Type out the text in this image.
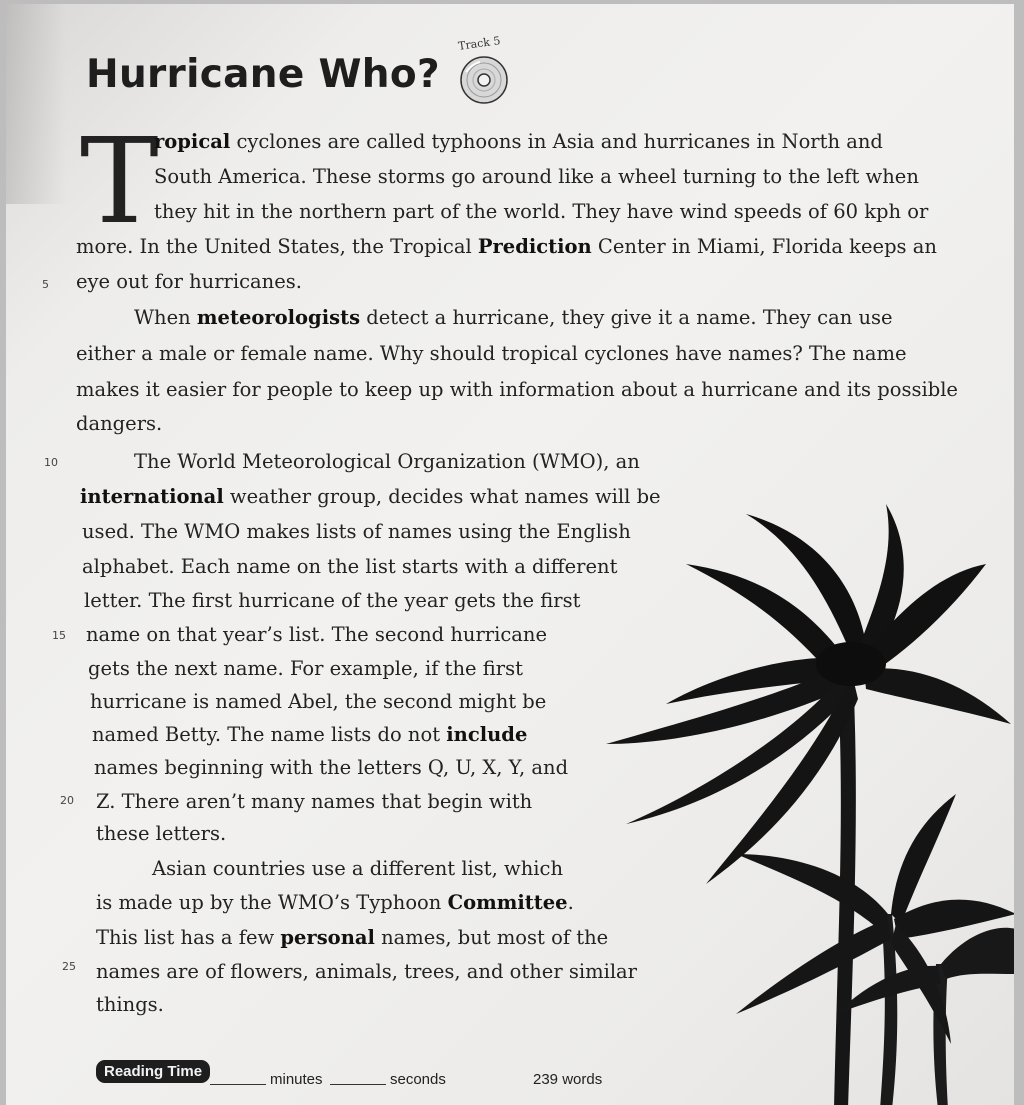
Hurricane Who?
Track 5
T
ropical cyclones are called typhoons in Asia and hurricanes in North and
South America. These storms go around like a wheel turning to the left when
they hit in the northern part of the world. They have wind speeds of 60 kph or
more. In the United States, the Tropical Prediction Center in Miami, Florida keeps an
eye out for hurricanes.
When meteorologists detect a hurricane, they give it a name. They can use
either a male or female name. Why should tropical cyclones have names? The name
makes it easier for people to keep up with information about a hurricane and its possible
dangers.
The World Meteorological Organization (WMO), an
international weather group, decides what names will be
used. The WMO makes lists of names using the English
alphabet. Each name on the list starts with a different
letter. The first hurricane of the year gets the first
name on that year’s list. The second hurricane
gets the next name. For example, if the first
hurricane is named Abel, the second might be
named Betty. The name lists do not include
names beginning with the letters Q, U, X, Y, and
Z. There aren’t many names that begin with
these letters.
Asian countries use a different list, which
is made up by the WMO’s Typhoon Committee.
This list has a few personal names, but most of the
names are of flowers, animals, trees, and other similar
things.
5
10
15
20
25
Reading Time	minutes	seconds	239 words
